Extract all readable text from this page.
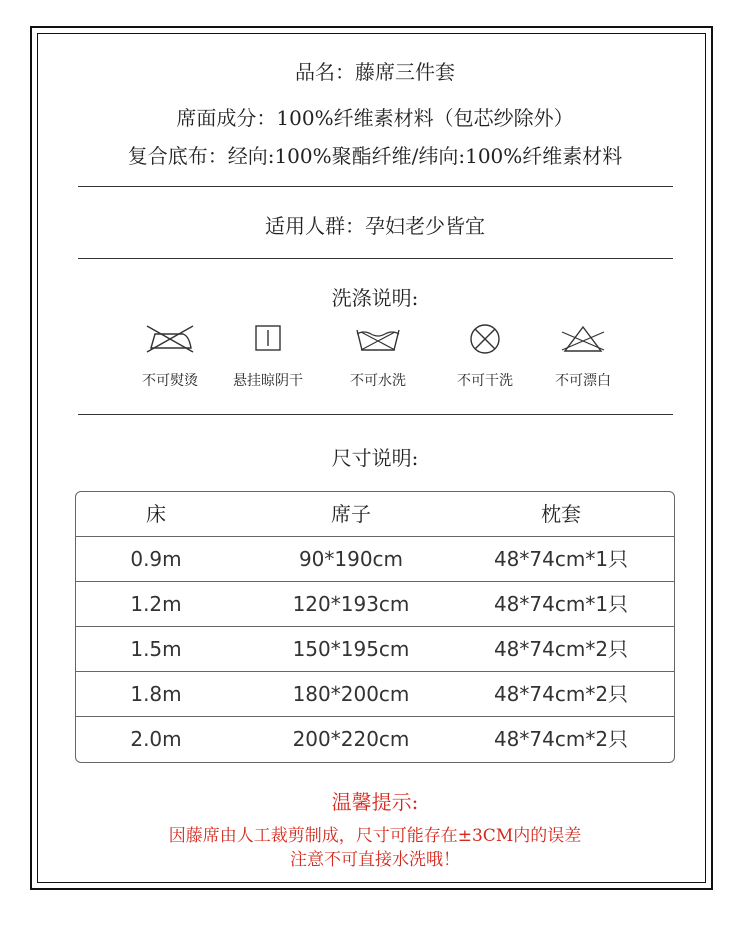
品名：藤席三件套
席面成分：100%纤维素材料（包芯纱除外）
复合底布：经向:100%聚酯纤维/纬向:100%纤维素材料
适用人群：孕妇老少皆宜
洗涤说明:
不可熨烫	悬挂晾阴干	不可水洗	不可干洗	不可漂白
尺寸说明:
床	席子	枕套
0.9m	90*190cm	48*74cm*1只
1.2m	120*193cm	48*74cm*1只
1.5m	150*195cm	48*74cm*2只
1.8m	180*200cm	48*74cm*2只
2.0m	200*220cm	48*74cm*2只
温馨提示:
因藤席由人工裁剪制成，尺寸可能存在±3CM内的误差
注意不可直接水洗哦！
